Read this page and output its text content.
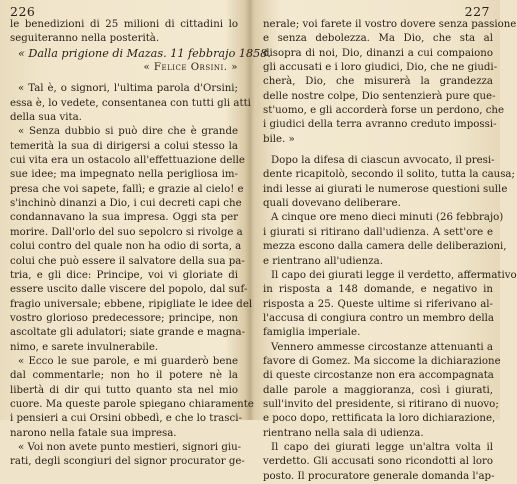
226
le benedizioni di 25 milioni di cittadini lo
seguiteranno nella posterità.
« Dalla prigione di Mazas. 11 febbrajo 1858.
« Felice Orsini. »
« Tal è, o signori, l'ultima parola d'Orsini;
essa è, lo vedete, consentanea con tutti gli atti
della sua vita.
« Senza dubbio si può dire che è grande
temerità la sua di dirigersi a colui stesso la
cui vita era un ostacolo all'effettuazione delle
sue idee; ma impegnato nella perigliosa im-
presa che voi sapete, fallì; e grazie al cielo! e
s'inchinò dinanzi a Dio, i cui decreti capi che
condannavano la sua impresa. Oggi sta per
morire. Dall'orlo del suo sepolcro si rivolge a
colui contro del quale non ha odio di sorta, a
colui che può essere il salvatore della sua pa-
tria, e gli dice: Principe, voi vi gloriate di
essere uscito dalle viscere del popolo, dal suf-
fragio universale; ebbene, ripigliate le idee del
vostro glorioso predecessore; principe, non
ascoltate gli adulatori; siate grande e magna-
nimo, e sarete invulnerabile.
« Ecco le sue parole, e mi guarderò bene
dal commentarle; non ho il potere nè la
libertà di dir qui tutto quanto sta nel mio
cuore. Ma queste parole spiegano chiaramente
i pensieri a cui Orsini obbedì, e che lo trasci-
narono nella fatale sua impresa.
« Voi non avete punto mestieri, signori giu-
rati, degli scongiuri del signor procurator ge-
227
nerale; voi farete il vostro dovere senza passione
e senza debolezza. Ma Dio, che sta al
disopra di noi, Dio, dinanzi a cui compaiono
gli accusati e i loro giudici, Dio, che ne giudi-
cherà, Dio, che misurerà la grandezza
delle nostre colpe, Dio sentenzierà pure que-
st'uomo, e gli accorderà forse un perdono, che
i giudici della terra avranno creduto impossi-
bile. »
Dopo la difesa di ciascun avvocato, il presi-
dente ricapitolò, secondo il solito, tutta la causa;
indi lesse ai giurati le numerose questioni sulle
quali dovevano deliberare.
A cinque ore meno dieci minuti (26 febbrajo)
i giurati si ritirano dall'udienza. A sett'ore e
mezza escono dalla camera delle deliberazioni,
e rientrano all'udienza.
Il capo dei giurati legge il verdetto, affermativo
in risposta a 148 domande, e negativo in
risposta a 25. Queste ultime si riferivano al-
l'accusa di congiura contro un membro della
famiglia imperiale.
Vennero ammesse circostanze attenuanti a
favore di Gomez. Ma siccome la dichiarazione
di queste circostanze non era accompagnata
dalle parole a maggioranza, così i giurati,
sull'invito del presidente, si ritirano di nuovo;
e poco dopo, rettificata la loro dichiarazione,
rientrano nella sala di udienza.
Il capo dei giurati legge un'altra volta il
verdetto. Gli accusati sono ricondotti al loro
posto. Il procuratore generale domanda l'ap-
